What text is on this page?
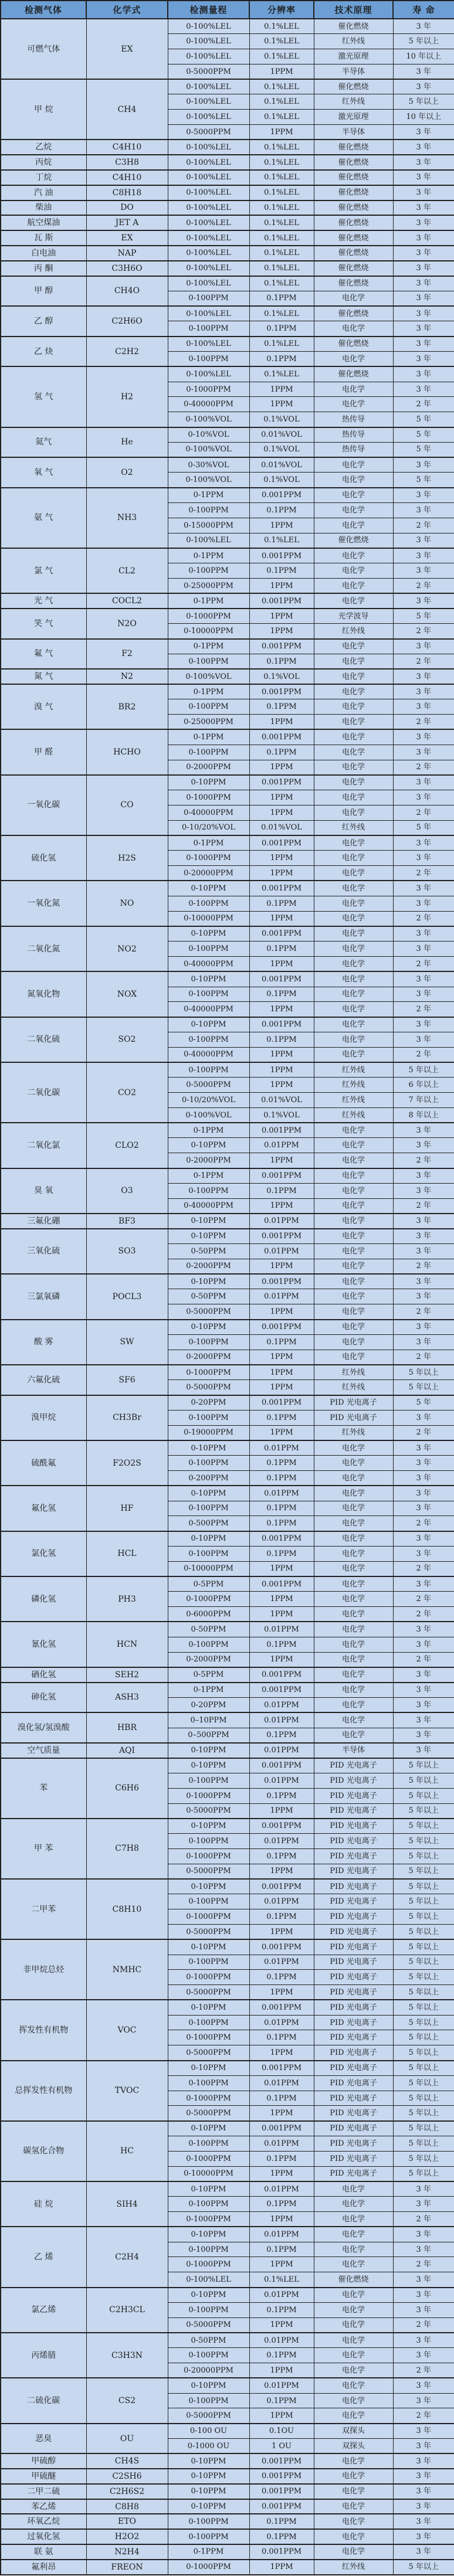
检测气体	化学式	检测量程	分辨率	技术原理	寿 命
可燃气体	EX	0-100%LEL	0.1%LEL	催化燃烧	3 年
		0-100%LEL	0.1%LEL	红外线	5 年以上
		0-100%LEL	0.1%LEL	激光原理	10 年以上
		0-5000PPM	1PPM	半导体	3 年
甲 烷	CH4	0-100%LEL	0.1%LEL	催化燃烧	3 年
		0-100%LEL	0.1%LEL	红外线	5 年以上
		0-100%LEL	0.1%LEL	激光原理	10 年以上
		0-5000PPM	1PPM	半导体	3 年
乙烷	C4H10	0-100%LEL	0.1%LEL	催化燃烧	3 年
丙烷	C3H8	0-100%LEL	0.1%LEL	催化燃烧	3 年
丁烷	C4H10	0-100%LEL	0.1%LEL	催化燃烧	3 年
汽 油	C8H18	0-100%LEL	0.1%LEL	催化燃烧	3 年
柴油	DO	0-100%LEL	0.1%LEL	催化燃烧	3 年
航空煤油	JET A	0-100%LEL	0.1%LEL	催化燃烧	3 年
瓦 斯	EX	0-100%LEL	0.1%LEL	催化燃烧	3 年
白电油	NAP	0-100%LEL	0.1%LEL	催化燃烧	3 年
丙 酮	C3H6O	0-100%LEL	0.1%LEL	催化燃烧	3 年
甲 醇	CH4O	0-100%LEL	0.1%LEL	催化燃烧	3 年
		0-100PPM	0.1PPM	电化学	3 年
乙 醇	C2H6O	0-100%LEL	0.1%LEL	催化燃烧	3 年
		0-100PPM	0.1PPM	电化学	3 年
乙 炔	C2H2	0-100%LEL	0.1%LEL	催化燃烧	3 年
		0-100PPM	0.1PPM	电化学	3 年
氢 气	H2	0-100%LEL	0.1%LEL	催化燃烧	3 年
		0-1000PPM	1PPM	电化学	3 年
		0-40000PPM	1PPM	电化学	2 年
		0-100%VOL	0.1%VOL	热传导	5 年
氦气	He	0-10%VOL	0.01%VOL	热传导	5 年
		0-100%VOL	0.1%VOL	热传导	5 年
氧 气	O2	0-30%VOL	0.01%VOL	电化学	3 年
		0-100%VOL	0.1%VOL	电化学	5 年
氨 气	NH3	0-1PPM	0.001PPM	电化学	3 年
		0-100PPM	0.1PPM	电化学	3 年
		0-15000PPM	1PPM	电化学	2 年
		0-100%LEL	0.1%LEL	催化燃烧	3 年
氯 气	CL2	0-1PPM	0.001PPM	电化学	3 年
		0-100PPM	0.1PPM	电化学	3 年
		0-25000PPM	1PPM	电化学	2 年
光 气	COCL2	0-1PPM	0.001PPM	电化学	3 年
笑 气	N2O	0-1000PPM	1PPM	光学波导	5 年
		0-10000PPM	1PPM	红外线	2 年
氟 气	F2	0-1PPM	0.001PPM	电化学	3 年
		0-100PPM	0.1PPM	电化学	2 年
氮 气	N2	0-100%VOL	0.1%VOL	电化学	3 年
溴 气	BR2	0-1PPM	0.001PPM	电化学	3 年
		0-100PPM	0.1PPM	电化学	3 年
		0-25000PPM	1PPM	电化学	2 年
甲 醛	HCHO	0-1PPM	0.001PPM	电化学	3 年
		0-100PPM	0.1PPM	电化学	3 年
		0-2000PPM	1PPM	电化学	2 年
一氧化碳	CO	0-10PPM	0.001PPM	电化学	3 年
		0-1000PPM	1PPM	电化学	3 年
		0-40000PPM	1PPM	电化学	2 年
		0-10/20%VOL	0.01%VOL	红外线	5 年
硫化氢	H2S	0-1PPM	0.001PPM	电化学	3 年
		0-1000PPM	1PPM	电化学	3 年
		0-20000PPM	1PPM	电化学	2 年
一氧化氮	NO	0-10PPM	0.001PPM	电化学	3 年
		0-100PPM	0.1PPM	电化学	3 年
		0-10000PPM	1PPM	电化学	2 年
二氧化氮	NO2	0-10PPM	0.001PPM	电化学	3 年
		0-100PPM	0.1PPM	电化学	3 年
		0-40000PPM	1PPM	电化学	2 年
氮氧化物	NOX	0-10PPM	0.001PPM	电化学	3 年
		0-100PPM	0.1PPM	电化学	3 年
		0-40000PPM	1PPM	电化学	2 年
二氧化硫	SO2	0-10PPM	0.001PPM	电化学	3 年
		0-100PPM	0.1PPM	电化学	3 年
		0-40000PPM	1PPM	电化学	2 年
二氧化碳	CO2	0-100PPM	1PPM	红外线	5 年以上
		0-5000PPM	1PPM	红外线	6 年以上
		0-10/20%VOL	0.01%VOL	红外线	7 年以上
		0-100%VOL	0.1%VOL	红外线	8 年以上
二氧化氯	CLO2	0-1PPM	0.001PPM	电化学	3 年
		0-10PPM	0.01PPM	电化学	3 年
		0-2000PPM	1PPM	电化学	2 年
臭 氧	O3	0-1PPM	0.001PPM	电化学	3 年
		0-100PPM	0.1PPM	电化学	3 年
		0-40000PPM	1PPM	电化学	2 年
三氟化硼	BF3	0-10PPM	0.01PPM	电化学	3 年
三氧化硫	SO3	0-10PPM	0.001PPM	电化学	3 年
		0-50PPM	0.01PPM	电化学	3 年
		0-2000PPM	1PPM	电化学	2 年
三氯氧磷	POCL3	0-10PPM	0.001PPM	电化学	3 年
		0-50PPM	0.01PPM	电化学	3 年
		0-5000PPM	1PPM	电化学	2 年
酸 雾	SW	0-10PPM	0.001PPM	电化学	3 年
		0-100PPM	0.1PPM	电化学	3 年
		0-2000PPM	1PPM	电化学	2 年
六氟化硫	SF6	0-1000PPM	1PPM	红外线	5 年以上
		0-5000PPM	1PPM	红外线	5 年以上
溴甲烷	CH3Br	0-20PPM	0.001PPM	PID 光电离子	5 年
		0-100PPM	0.1PPM	PID 光电离子	3 年
		0-19000PPM	1PPM	红外线	2 年
硫酰氟	F2O2S	0-10PPM	0.01PPM	电化学	3 年
		0-100PPM	0.1PPM	电化学	3 年
		0-200PPM	0.1PPM	电化学	3 年
氟化氢	HF	0-10PPM	0.01PPM	电化学	3 年
		0-100PPM	0.1PPM	电化学	3 年
		0-500PPM	0.1PPM	电化学	2 年
氯化氢	HCL	0-10PPM	0.001PPM	电化学	3 年
		0-100PPM	0.1PPM	电化学	3 年
		0-10000PPM	1PPM	电化学	2 年
磷化氢	PH3	0-5PPM	0.001PPM	电化学	3 年
		0-1000PPM	1PPM	电化学	2 年
		0-6000PPM	1PPM	电化学	2 年
氰化氢	HCN	0-50PPM	0.01PPM	电化学	3 年
		0-100PPM	0.1PPM	电化学	3 年
		0-2000PPM	1PPM	电化学	2 年
硒化氢	SEH2	0-5PPM	0.001PPM	电化学	3 年
砷化氢	ASH3	0-1PPM	0.001PPM	电化学	3 年
		0-20PPM	0.01PPM	电化学	3 年
溴化氢/氢溴酸	HBR	0–10PPM	0.01PPM	电化学	3 年
		0–500PPM	0.1PPM	电化学	3 年
空气质量	AQI	0-10PPM	0.01PPM	半导体	3 年
苯	C6H6	0-10PPM	0.001PPM	PID 光电离子	5 年以上
		0-100PPM	0.01PPM	PID 光电离子	5 年以上
		0-1000PPM	0.1PPM	PID 光电离子	5 年以上
		0-5000PPM	1PPM	PID 光电离子	5 年以上
甲 苯	C7H8	0-10PPM	0.001PPM	PID 光电离子	5 年以上
		0-100PPM	0.01PPM	PID 光电离子	5 年以上
		0-1000PPM	0.1PPM	PID 光电离子	5 年以上
		0-5000PPM	1PPM	PID 光电离子	5 年以上
二甲苯	C8H10	0-10PPM	0.001PPM	PID 光电离子	5 年以上
		0-100PPM	0.01PPM	PID 光电离子	5 年以上
		0-1000PPM	0.1PPM	PID 光电离子	5 年以上
		0-5000PPM	1PPM	PID 光电离子	5 年以上
非甲烷总烃	NMHC	0-10PPM	0.001PPM	PID 光电离子	5 年以上
		0-100PPM	0.01PPM	PID 光电离子	5 年以上
		0-1000PPM	0.1PPM	PID 光电离子	5 年以上
		0-5000PPM	1PPM	PID 光电离子	5 年以上
挥发性有机物	VOC	0-10PPM	0.001PPM	PID 光电离子	5 年以上
		0-100PPM	0.01PPM	PID 光电离子	5 年以上
		0-1000PPM	0.1PPM	PID 光电离子	5 年以上
		0-5000PPM	1PPM	PID 光电离子	5 年以上
总挥发性有机物	TVOC	0-10PPM	0.001PPM	PID 光电离子	5 年以上
		0-100PPM	0.01PPM	PID 光电离子	5 年以上
		0-1000PPM	0.1PPM	PID 光电离子	5 年以上
		0-5000PPM	1PPM	PID 光电离子	5 年以上
碳氢化合物	HC	0-10PPM	0.001PPM	PID 光电离子	5 年以上
		0-100PPM	0.01PPM	PID 光电离子	5 年以上
		0-1000PPM	0.1PPM	PID 光电离子	5 年以上
		0-10000PPM	1PPM	PID 光电离子	5 年以上
硅 烷	SIH4	0-10PPM	0.01PPM	电化学	3 年
		0-100PPM	0.1PPM	电化学	3 年
		0-1000PPM	1PPM	电化学	2 年
乙 烯	C2H4	0-10PPM	0.01PPM	电化学	3 年
		0-100PPM	0.1PPM	电化学	3 年
		0-1000PPM	1PPM	电化学	2 年
		0-100%LEL	0.1%LEL	催化燃烧	3 年
氯乙烯	C2H3CL	0-10PPM	0.01PPM	电化学	3 年
		0-100PPM	0.1PPM	电化学	3 年
		0-5000PPM	1PPM	电化学	2 年
丙烯腈	C3H3N	0-50PPM	0.01PPM	电化学	3 年
		0-100PPM	0.1PPM	电化学	3 年
		0-20000PPM	1PPM	电化学	2 年
二硫化碳	CS2	0-10PPM	0.01PPM	电化学	3 年
		0-100PPM	0.1PPM	电化学	3 年
		0-5000PPM	1PPM	电化学	2 年
恶臭	OU	0-100 OU	0.1OU	双探头	3 年
		0-1000 OU	1 OU	双探头	3 年
甲硫醇	CH4S	0-10PPM	0.001PPM	电化学	3 年
甲硫醚	C2SH6	0-10PPM	0.001PPM	电化学	3 年
二甲二硫	C2H6S2	0-10PPM	0.001PPM	电化学	3 年
苯乙烯	C8H8	0-10PPM	0.001PPM	电化学	3 年
环氧乙烷	ETO	0-100PPM	0.1PPM	电化学	3 年
过氧化氢	H2O2	0-100PPM	0.1PPM	电化学	3 年
联 氨	N2H4	0-1PPM	0.001PPM	电化学	3 年
氟利昂	FREON	0-1000PPM	1PPM	红外线	5 年以上
